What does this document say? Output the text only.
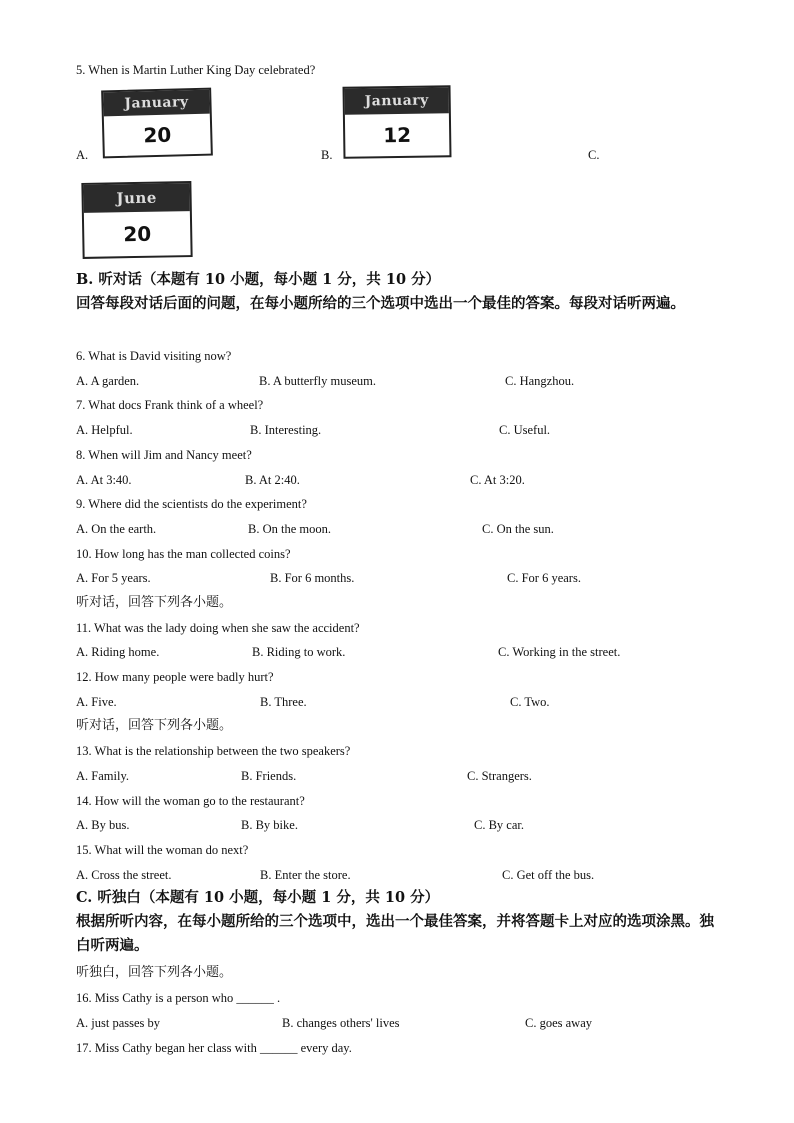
5. When is Martin Luther King Day celebrated?
A.
January
20
B.
January
12
C.
June
20
B. 听对话（本题有 10 小题，每小题 1 分，共 10 分）
回答每段对话后面的问题，在每小题所给的三个选项中选出一个最佳的答案。每段对话听两遍。
6. What is David visiting now?
A. A garden.	B. A butterfly museum.	C. Hangzhou.
7. What docs Frank think of a wheel?
A. Helpful.	B. Interesting.	C. Useful.
8. When will Jim and Nancy meet?
A. At 3:40.	B. At 2:40.	C. At 3:20.
9. Where did the scientists do the experiment?
A. On the earth.	B. On the moon.	C. On the sun.
10. How long has the man collected coins?
A. For 5 years.	B. For 6 months.	C. For 6 years.
听对话，回答下列各小题。
11. What was the lady doing when she saw the accident?
A. Riding home.	B. Riding to work.	C. Working in the street.
12. How many people were badly hurt?
A. Five.	B. Three.	C. Two.
听对话，回答下列各小题。
13. What is the relationship between the two speakers?
A. Family.	B. Friends.	C. Strangers.
14. How will the woman go to the restaurant?
A. By bus.	B. By bike.	C. By car.
15. What will the woman do next?
A. Cross the street.	B. Enter the store.	C. Get off the bus.
C. 听独白（本题有 10 小题，每小题 1 分，共 10 分）
根据所听内容，在每小题所给的三个选项中，选出一个最佳答案，并将答题卡上对应的选项涂黑。独白听两遍。
听独白，回答下列各小题。
16. Miss Cathy is a person who ______ .
A. just passes by	B. changes others' lives	C. goes away
17. Miss Cathy began her class with ______ every day.
